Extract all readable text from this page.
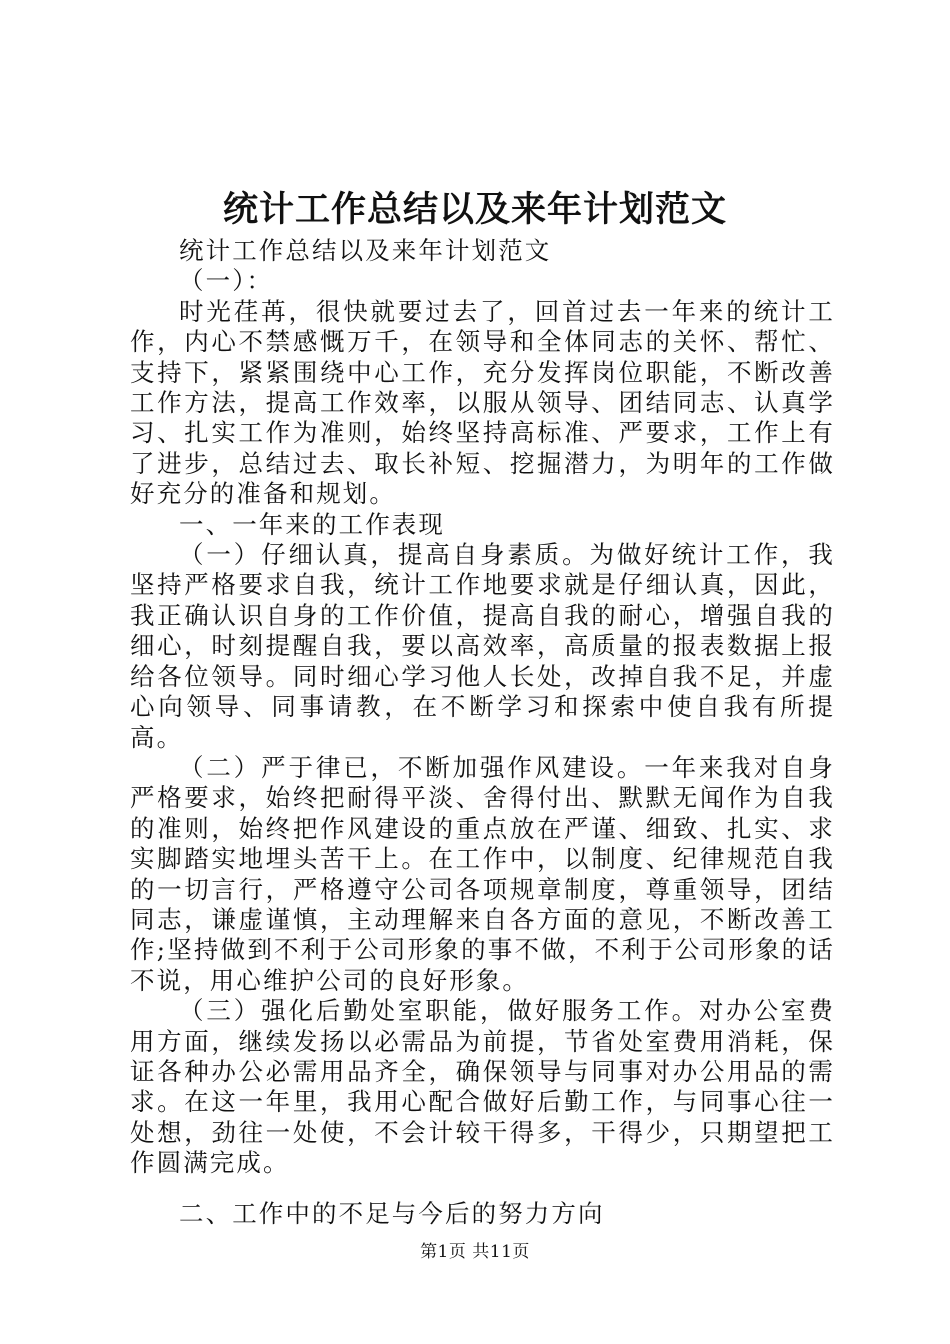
统计工作总结以及来年计划范文

统计工作总结以及来年计划范文

（一）：

时光荏苒，很快就要过去了，回首过去一年来的统计工作，内心不禁感慨万千，在领导和全体同志的关怀、帮忙、支持下，紧紧围绕中心工作，充分发挥岗位职能，不断改善工作方法，提高工作效率，以服从领导、团结同志、认真学习、扎实工作为准则，始终坚持高标准、严要求，工作上有了进步，总结过去、取长补短、挖掘潜力，为明年的工作做好充分的准备和规划。

一、一年来的工作表现

（一）仔细认真，提高自身素质。为做好统计工作，我坚持严格要求自我，统计工作地要求就是仔细认真，因此，我正确认识自身的工作价值，提高自我的耐心，增强自我的细心，时刻提醒自我，要以高效率，高质量的报表数据上报给各位领导。同时细心学习他人长处，改掉自我不足，并虚心向领导、同事请教，在不断学习和探索中使自我有所提高。

（二）严于律已，不断加强作风建设。一年来我对自身严格要求，始终把耐得平淡、舍得付出、默默无闻作为自我的准则，始终把作风建设的重点放在严谨、细致、扎实、求实脚踏实地埋头苦干上。在工作中，以制度、纪律规范自我的一切言行，严格遵守公司各项规章制度，尊重领导，团结同志，谦虚谨慎，主动理解来自各方面的意见，不断改善工作;坚持做到不利于公司形象的事不做，不利于公司形象的话不说，用心维护公司的良好形象。

（三）强化后勤处室职能，做好服务工作。对办公室费用方面，继续发扬以必需品为前提，节省处室费用消耗，保证各种办公必需用品齐全，确保领导与同事对办公用品的需求。在这一年里，我用心配合做好后勤工作，与同事心往一处想，劲往一处使，不会计较干得多，干得少，只期望把工作圆满完成。

二、工作中的不足与今后的努力方向

第1页 共11页
